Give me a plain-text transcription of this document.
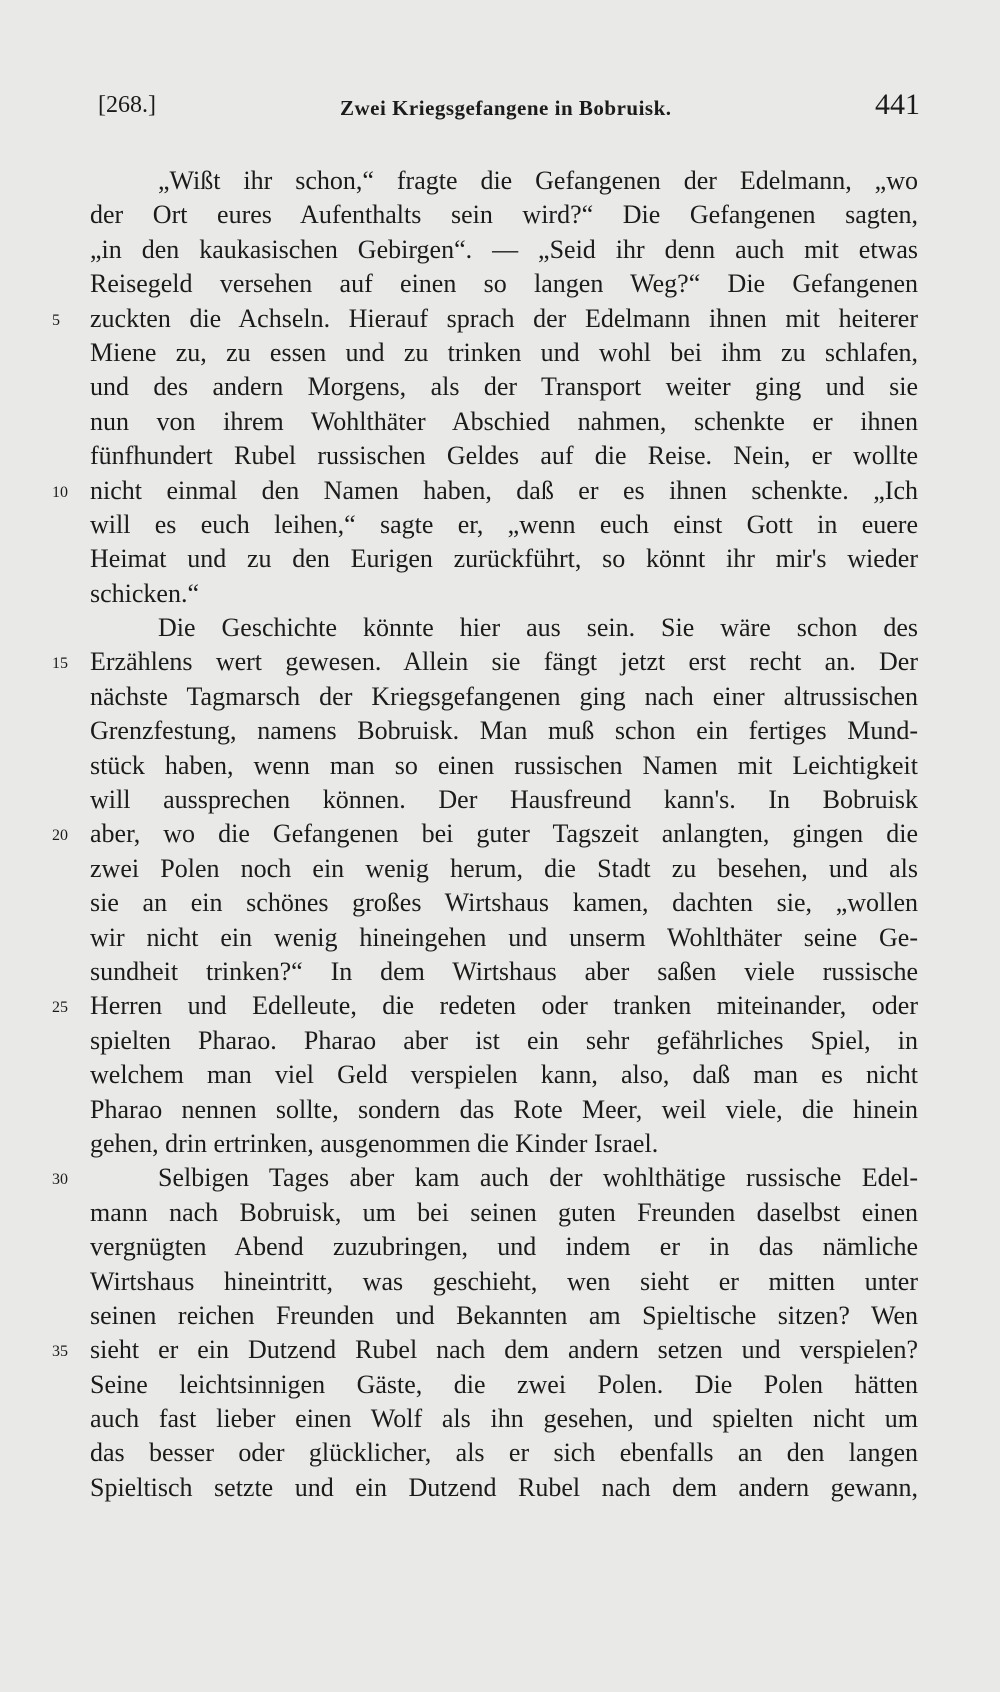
[268.]	Zwei Kriegsgefangene in Bobruisk.	441
„Wißt ihr schon,“ fragte die Gefangenen der Edelmann, „wo
der Ort eures Aufenthalts sein wird?“ Die Gefangenen sagten,
„in den kaukasischen Gebirgen“. — „Seid ihr denn auch mit etwas
Reisegeld versehen auf einen so langen Weg?“ Die Gefangenen
5	zuckten die Achseln. Hierauf sprach der Edelmann ihnen mit heiterer
Miene zu, zu essen und zu trinken und wohl bei ihm zu schlafen,
und des andern Morgens, als der Transport weiter ging und sie
nun von ihrem Wohlthäter Abschied nahmen, schenkte er ihnen
fünfhundert Rubel russischen Geldes auf die Reise. Nein, er wollte
10 nicht einmal den Namen haben, daß er es ihnen schenkte. „Ich
will es euch leihen,“ sagte er, „wenn euch einst Gott in euere
Heimat und zu den Eurigen zurückführt, so könnt ihr mir's wieder
schicken.“
Die Geschichte könnte hier aus sein. Sie wäre schon des
15 Erzählens wert gewesen. Allein sie fängt jetzt erst recht an. Der
nächste Tagmarsch der Kriegsgefangenen ging nach einer altrussischen
Grenzfestung, namens Bobruisk. Man muß schon ein fertiges Mund-
stück haben, wenn man so einen russischen Namen mit Leichtigkeit
will aussprechen können. Der Hausfreund kann's. In Bobruisk
20 aber, wo die Gefangenen bei guter Tagszeit anlangten, gingen die
zwei Polen noch ein wenig herum, die Stadt zu besehen, und als
sie an ein schönes großes Wirtshaus kamen, dachten sie, „wollen
wir nicht ein wenig hineingehen und unserm Wohlthäter seine Ge-
sundheit trinken?“ In dem Wirtshaus aber saßen viele russische
25 Herren und Edelleute, die redeten oder tranken miteinander, oder
spielten Pharao. Pharao aber ist ein sehr gefährliches Spiel, in
welchem man viel Geld verspielen kann, also, daß man es nicht
Pharao nennen sollte, sondern das Rote Meer, weil viele, die hinein
gehen, drin ertrinken, ausgenommen die Kinder Israel.
30	Selbigen Tages aber kam auch der wohlthätige russische Edel-
mann nach Bobruisk, um bei seinen guten Freunden daselbst einen
vergnügten Abend zuzubringen, und indem er in das nämliche
Wirtshaus hineintritt, was geschieht, wen sieht er mitten unter
seinen reichen Freunden und Bekannten am Spieltische sitzen? Wen
35 sieht er ein Dutzend Rubel nach dem andern setzen und verspielen?
Seine leichtsinnigen Gäste, die zwei Polen. Die Polen hätten
auch fast lieber einen Wolf als ihn gesehen, und spielten nicht um
das besser oder glücklicher, als er sich ebenfalls an den langen
Spieltisch setzte und ein Dutzend Rubel nach dem andern gewann,
